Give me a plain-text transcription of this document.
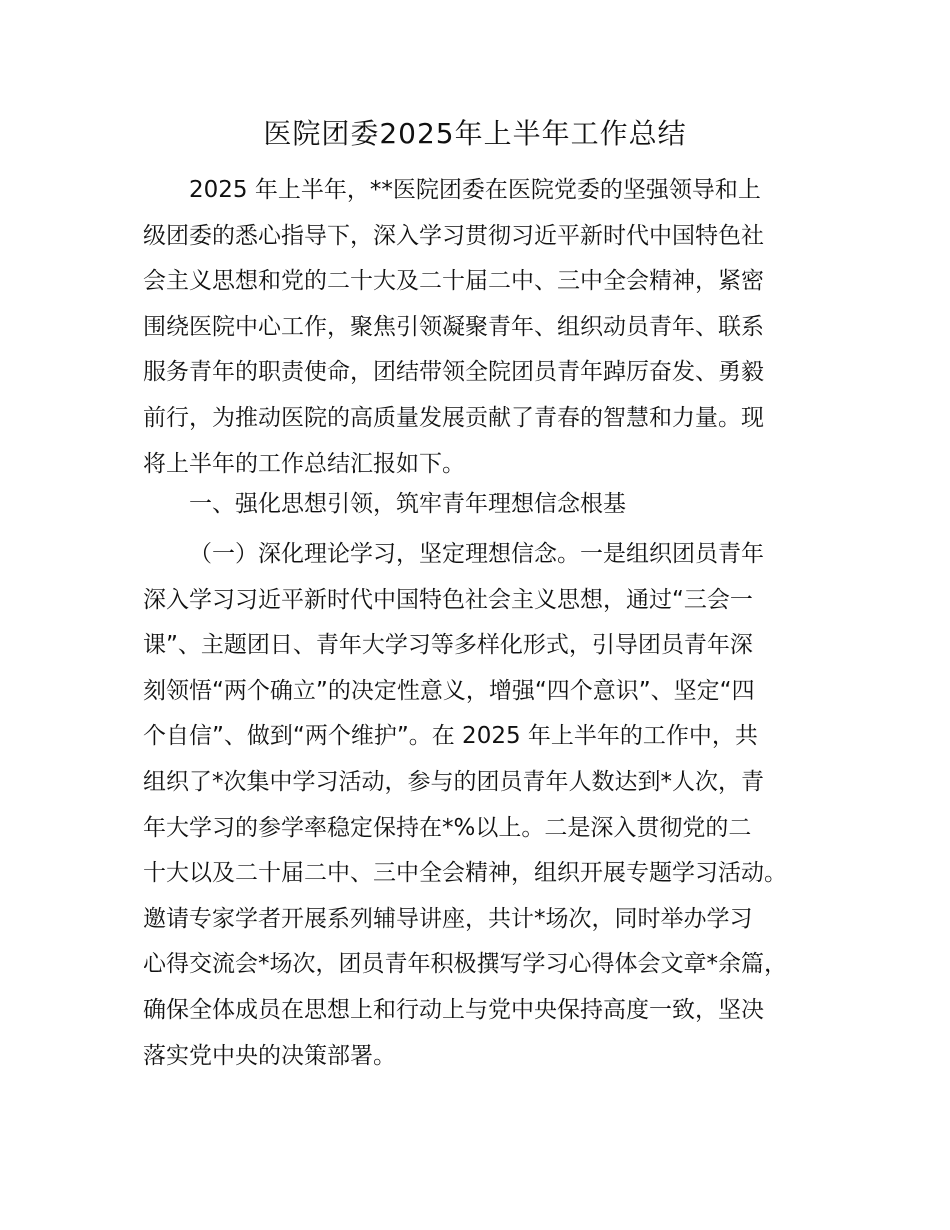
医院团委2025年上半年工作总结
2025 年上半年，**医院团委在医院党委的坚强领导和上
级团委的悉心指导下，深入学习贯彻习近平新时代中国特色社
会主义思想和党的二十大及二十届二中、三中全会精神，紧密
围绕医院中心工作，聚焦引领凝聚青年、组织动员青年、联系
服务青年的职责使命，团结带领全院团员青年踔厉奋发、勇毅
前行，为推动医院的高质量发展贡献了青春的智慧和力量。现
将上半年的工作总结汇报如下。
一、强化思想引领，筑牢青年理想信念根基
（一）深化理论学习，坚定理想信念。一是组织团员青年
深入学习习近平新时代中国特色社会主义思想，通过“三会一
课”、主题团日、青年大学习等多样化形式，引导团员青年深
刻领悟“两个确立”的决定性意义，增强“四个意识”、坚定“四
个自信”、做到“两个维护”。在 2025 年上半年的工作中，共
组织了*次集中学习活动，参与的团员青年人数达到*人次，青
年大学习的参学率稳定保持在*%以上。二是深入贯彻党的二
十大以及二十届二中、三中全会精神，组织开展专题学习活动。
邀请专家学者开展系列辅导讲座，共计*场次，同时举办学习
心得交流会*场次，团员青年积极撰写学习心得体会文章*余篇，
确保全体成员在思想上和行动上与党中央保持高度一致，坚决
落实党中央的决策部署。
